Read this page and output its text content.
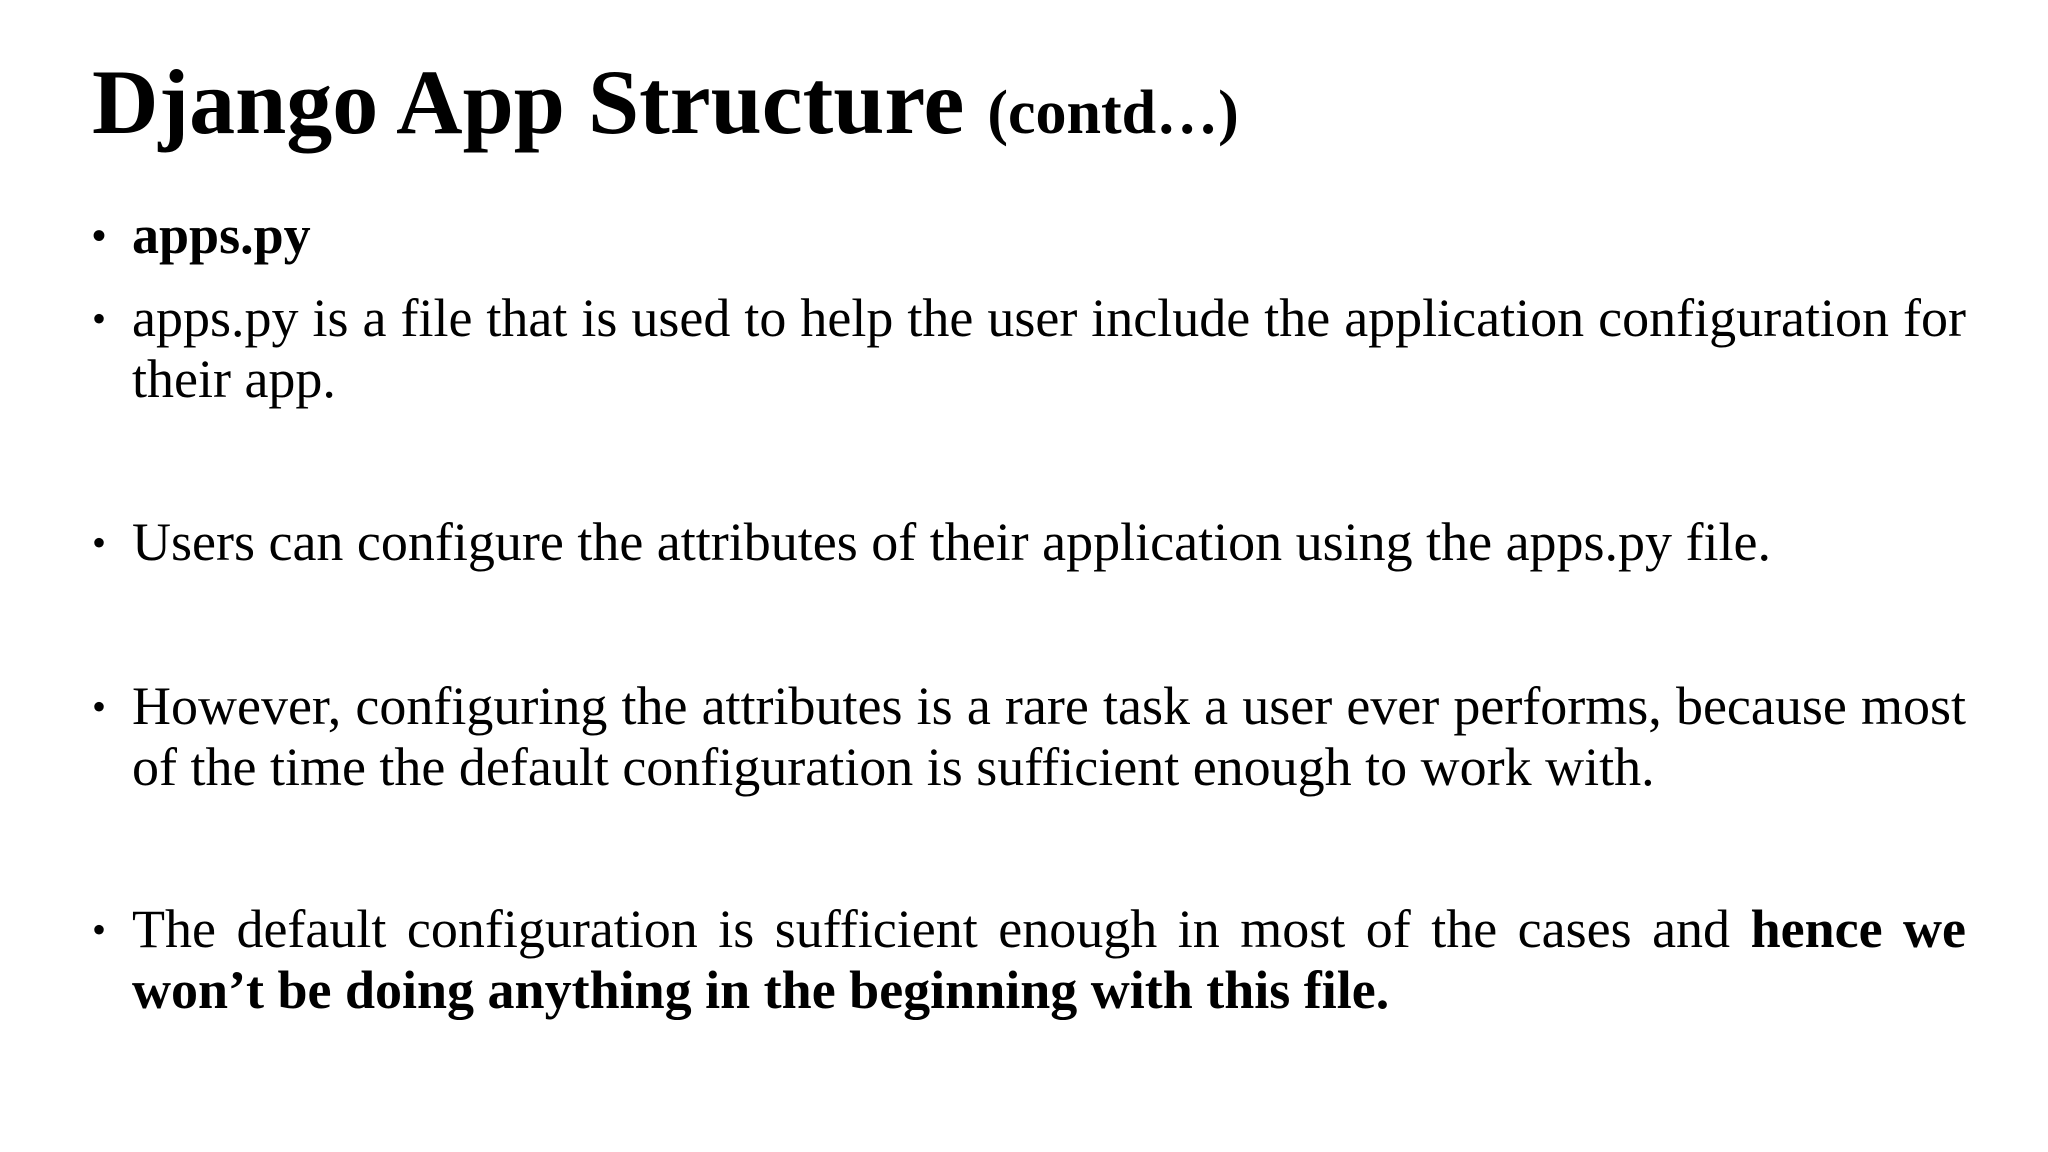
Django App Structure (contd…)

• apps.py

• apps.py is a file that is used to help the user include the application configuration for their app.

• Users can configure the attributes of their application using the apps.py file.

• However, configuring the attributes is a rare task a user ever performs, because most of the time the default configuration is sufficient enough to work with.

• The default configuration is sufficient enough in most of the cases and hence we won’t be doing anything in the beginning with this file.
